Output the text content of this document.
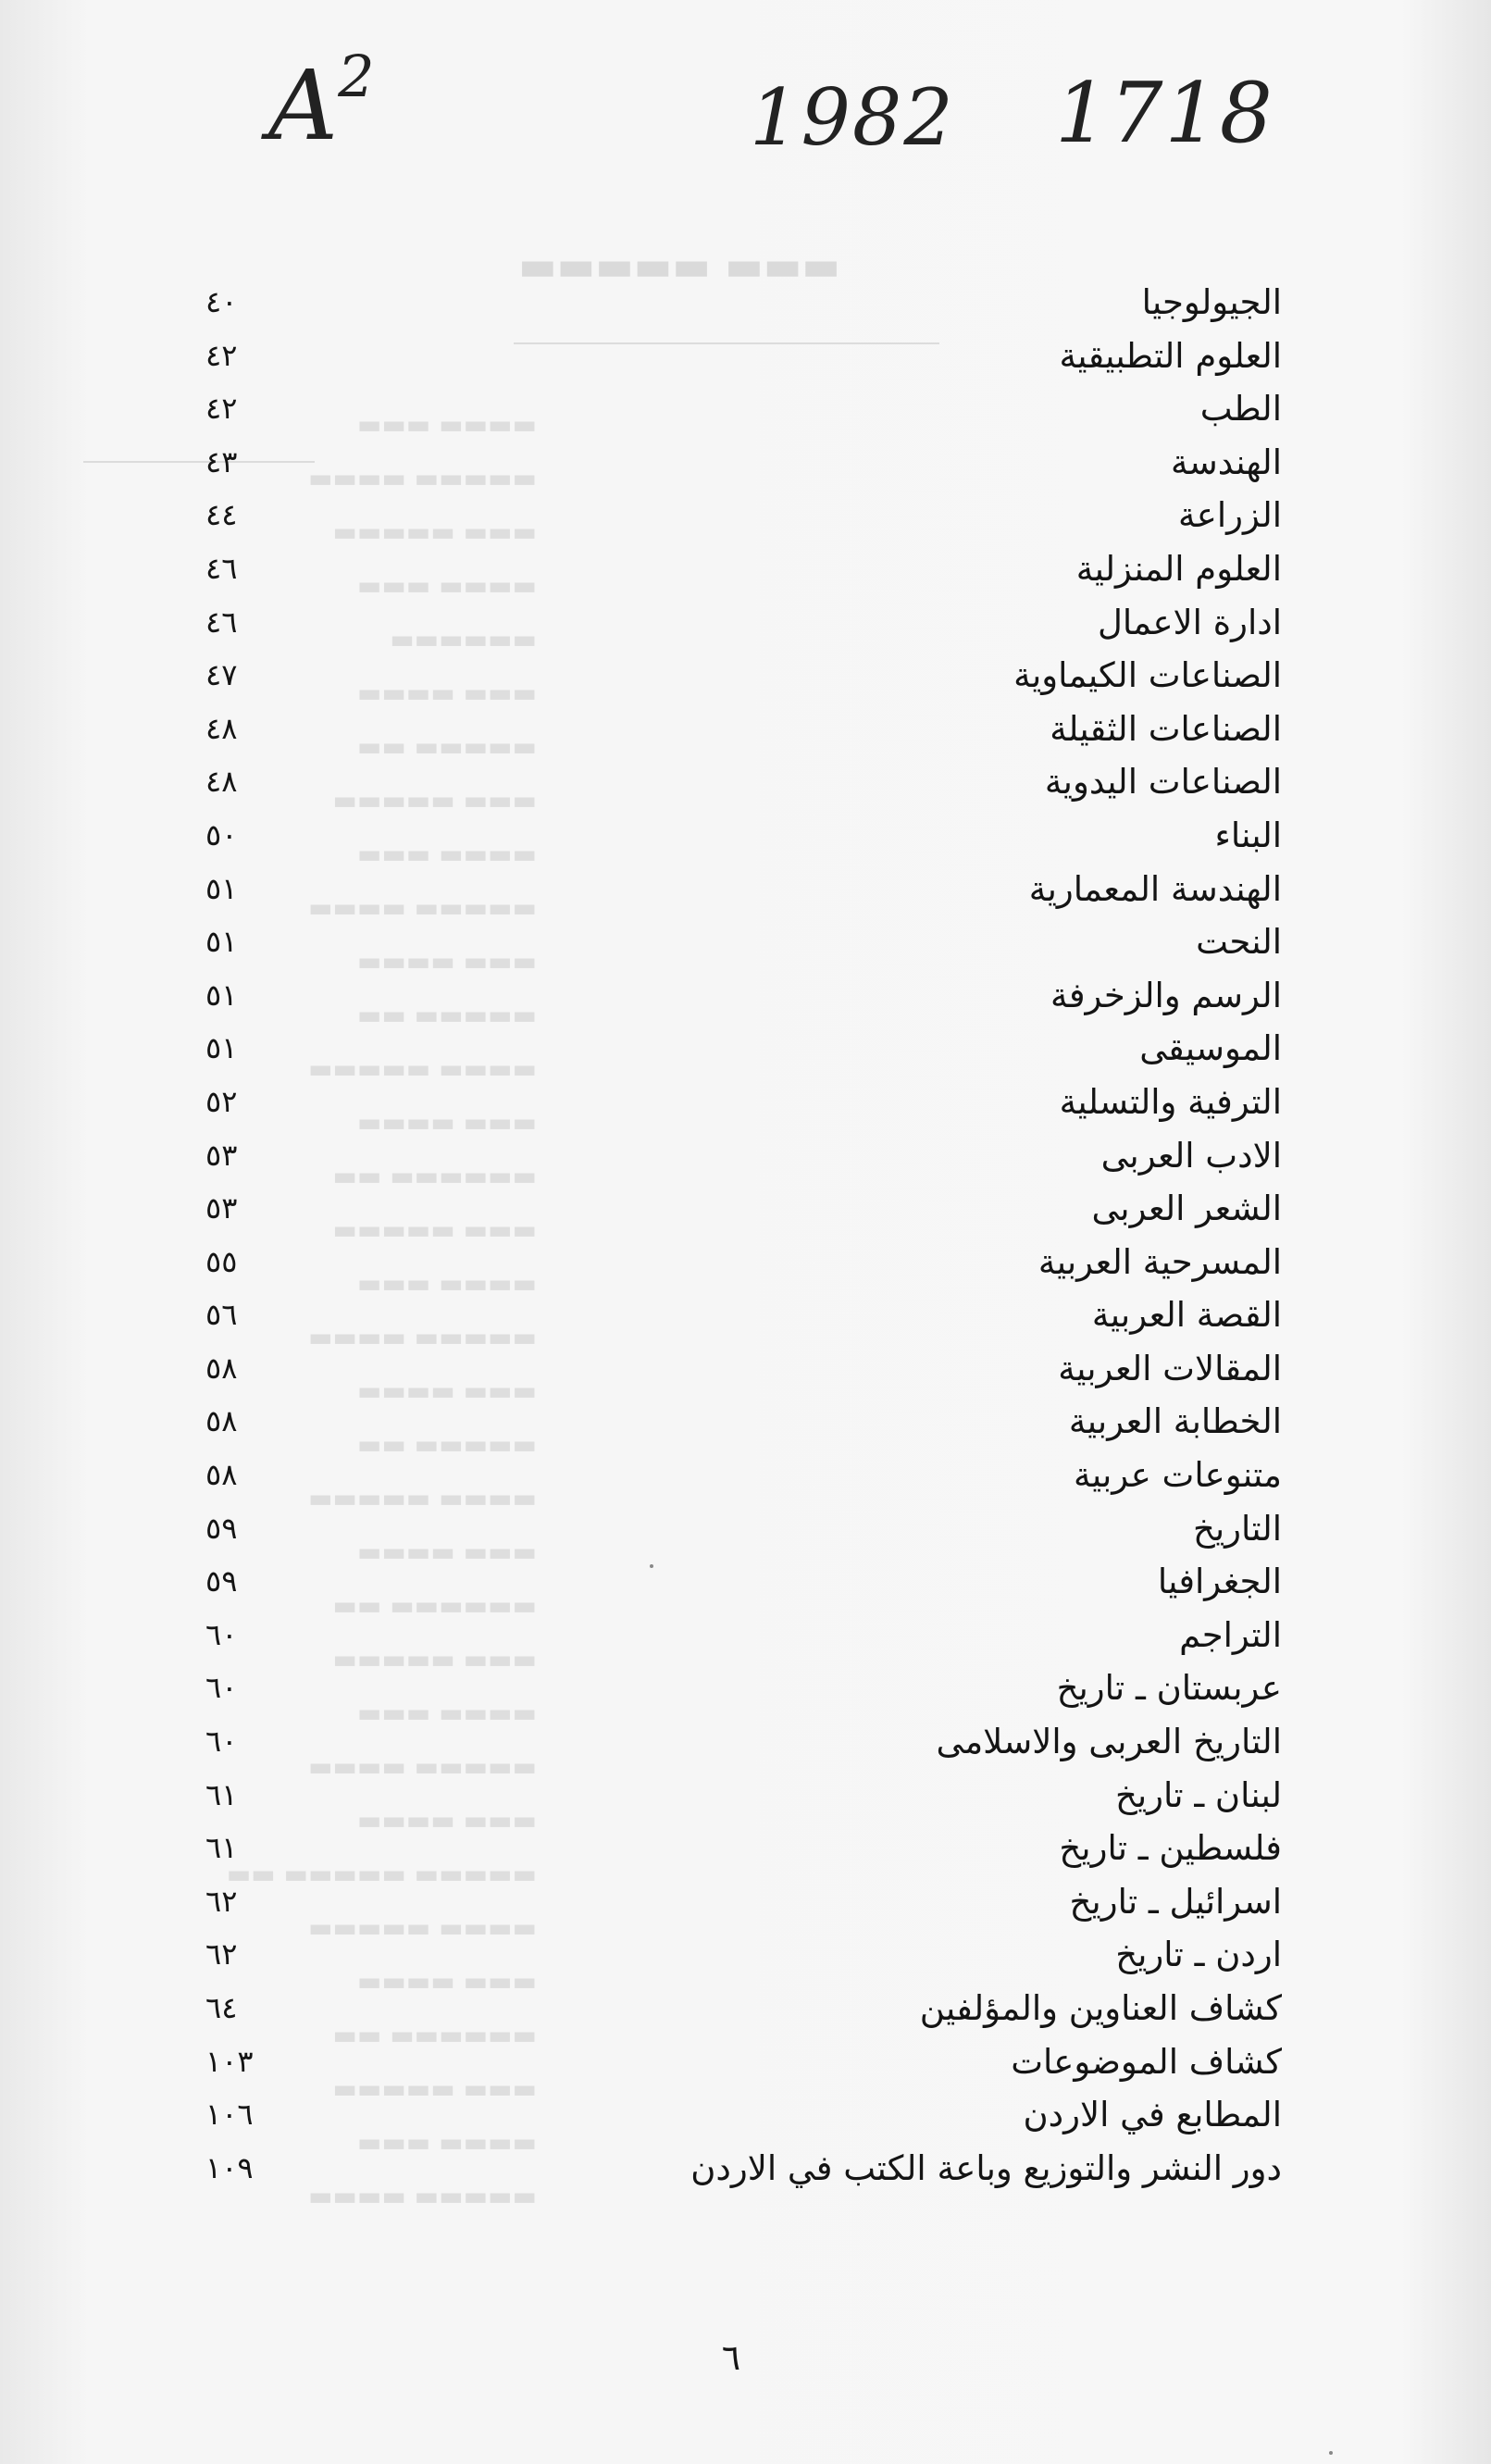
▬▬▬ ▬▬▬▬▬
▬▬▬▬ ▬▬▬
▬▬▬▬▬ ▬▬▬▬
▬▬▬ ▬▬▬▬▬
▬▬▬▬ ▬▬▬
▬▬▬▬▬▬
▬▬▬ ▬▬▬▬
▬▬▬▬▬ ▬▬
▬▬▬ ▬▬▬▬▬
▬▬▬▬ ▬▬▬
▬▬▬▬▬ ▬▬▬▬
▬▬▬ ▬▬▬▬
▬▬▬▬▬ ▬▬
▬▬▬▬ ▬▬▬▬▬
▬▬▬ ▬▬▬▬
▬▬▬▬▬▬ ▬▬
▬▬▬ ▬▬▬▬▬
▬▬▬▬ ▬▬▬
▬▬▬▬▬ ▬▬▬▬
▬▬▬ ▬▬▬▬
▬▬▬▬▬ ▬▬
▬▬▬▬ ▬▬▬▬▬
▬▬▬ ▬▬▬▬
▬▬▬▬▬▬ ▬▬
▬▬▬ ▬▬▬▬▬
▬▬▬▬ ▬▬▬
▬▬▬▬▬ ▬▬▬▬
▬▬▬ ▬▬▬▬
▬▬▬▬▬ ▬▬▬▬▬ ▬▬
▬▬▬▬ ▬▬▬▬▬
▬▬▬ ▬▬▬▬
▬▬▬▬▬▬ ▬▬
▬▬▬ ▬▬▬▬▬
▬▬▬▬ ▬▬▬
▬▬▬▬▬ ▬▬▬▬
$A^2$	1982 1718
الجيولوجيا
٤٠
العلوم التطبيقية
٤٢
الطب
٤٢
الهندسة
٤٣
الزراعة
٤٤
العلوم المنزلية
٤٦
ادارة الاعمال
٤٦
الصناعات الكيماوية
٤٧
الصناعات الثقيلة
٤٨
الصناعات اليدوية
٤٨
البناء
٥٠
الهندسة المعمارية
٥١
النحت
٥١
الرسم والزخرفة
٥١
الموسيقى
٥١
الترفية والتسلية
٥٢
الادب العربى
٥٣
الشعر العربى
٥٣
المسرحية العربية
٥٥
القصة العربية
٥٦
المقالات العربية
٥٨
الخطابة العربية
٥٨
متنوعات عربية
٥٨
التاريخ
٥٩
الجغرافيا
٥٩
التراجم
٦٠
عربستان ـ تاريخ
٦٠
التاريخ العربى والاسلامى
٦٠
لبنان ـ تاريخ
٦١
فلسطين ـ تاريخ
٦١
اسرائيل ـ تاريخ
٦٢
اردن ـ تاريخ
٦٢
كشاف العناوين والمؤلفين
٦٤
كشاف الموضوعات
١٠٣
المطابع في الاردن
١٠٦
دور النشر والتوزيع وباعة الكتب في الاردن
١٠٩
٦
